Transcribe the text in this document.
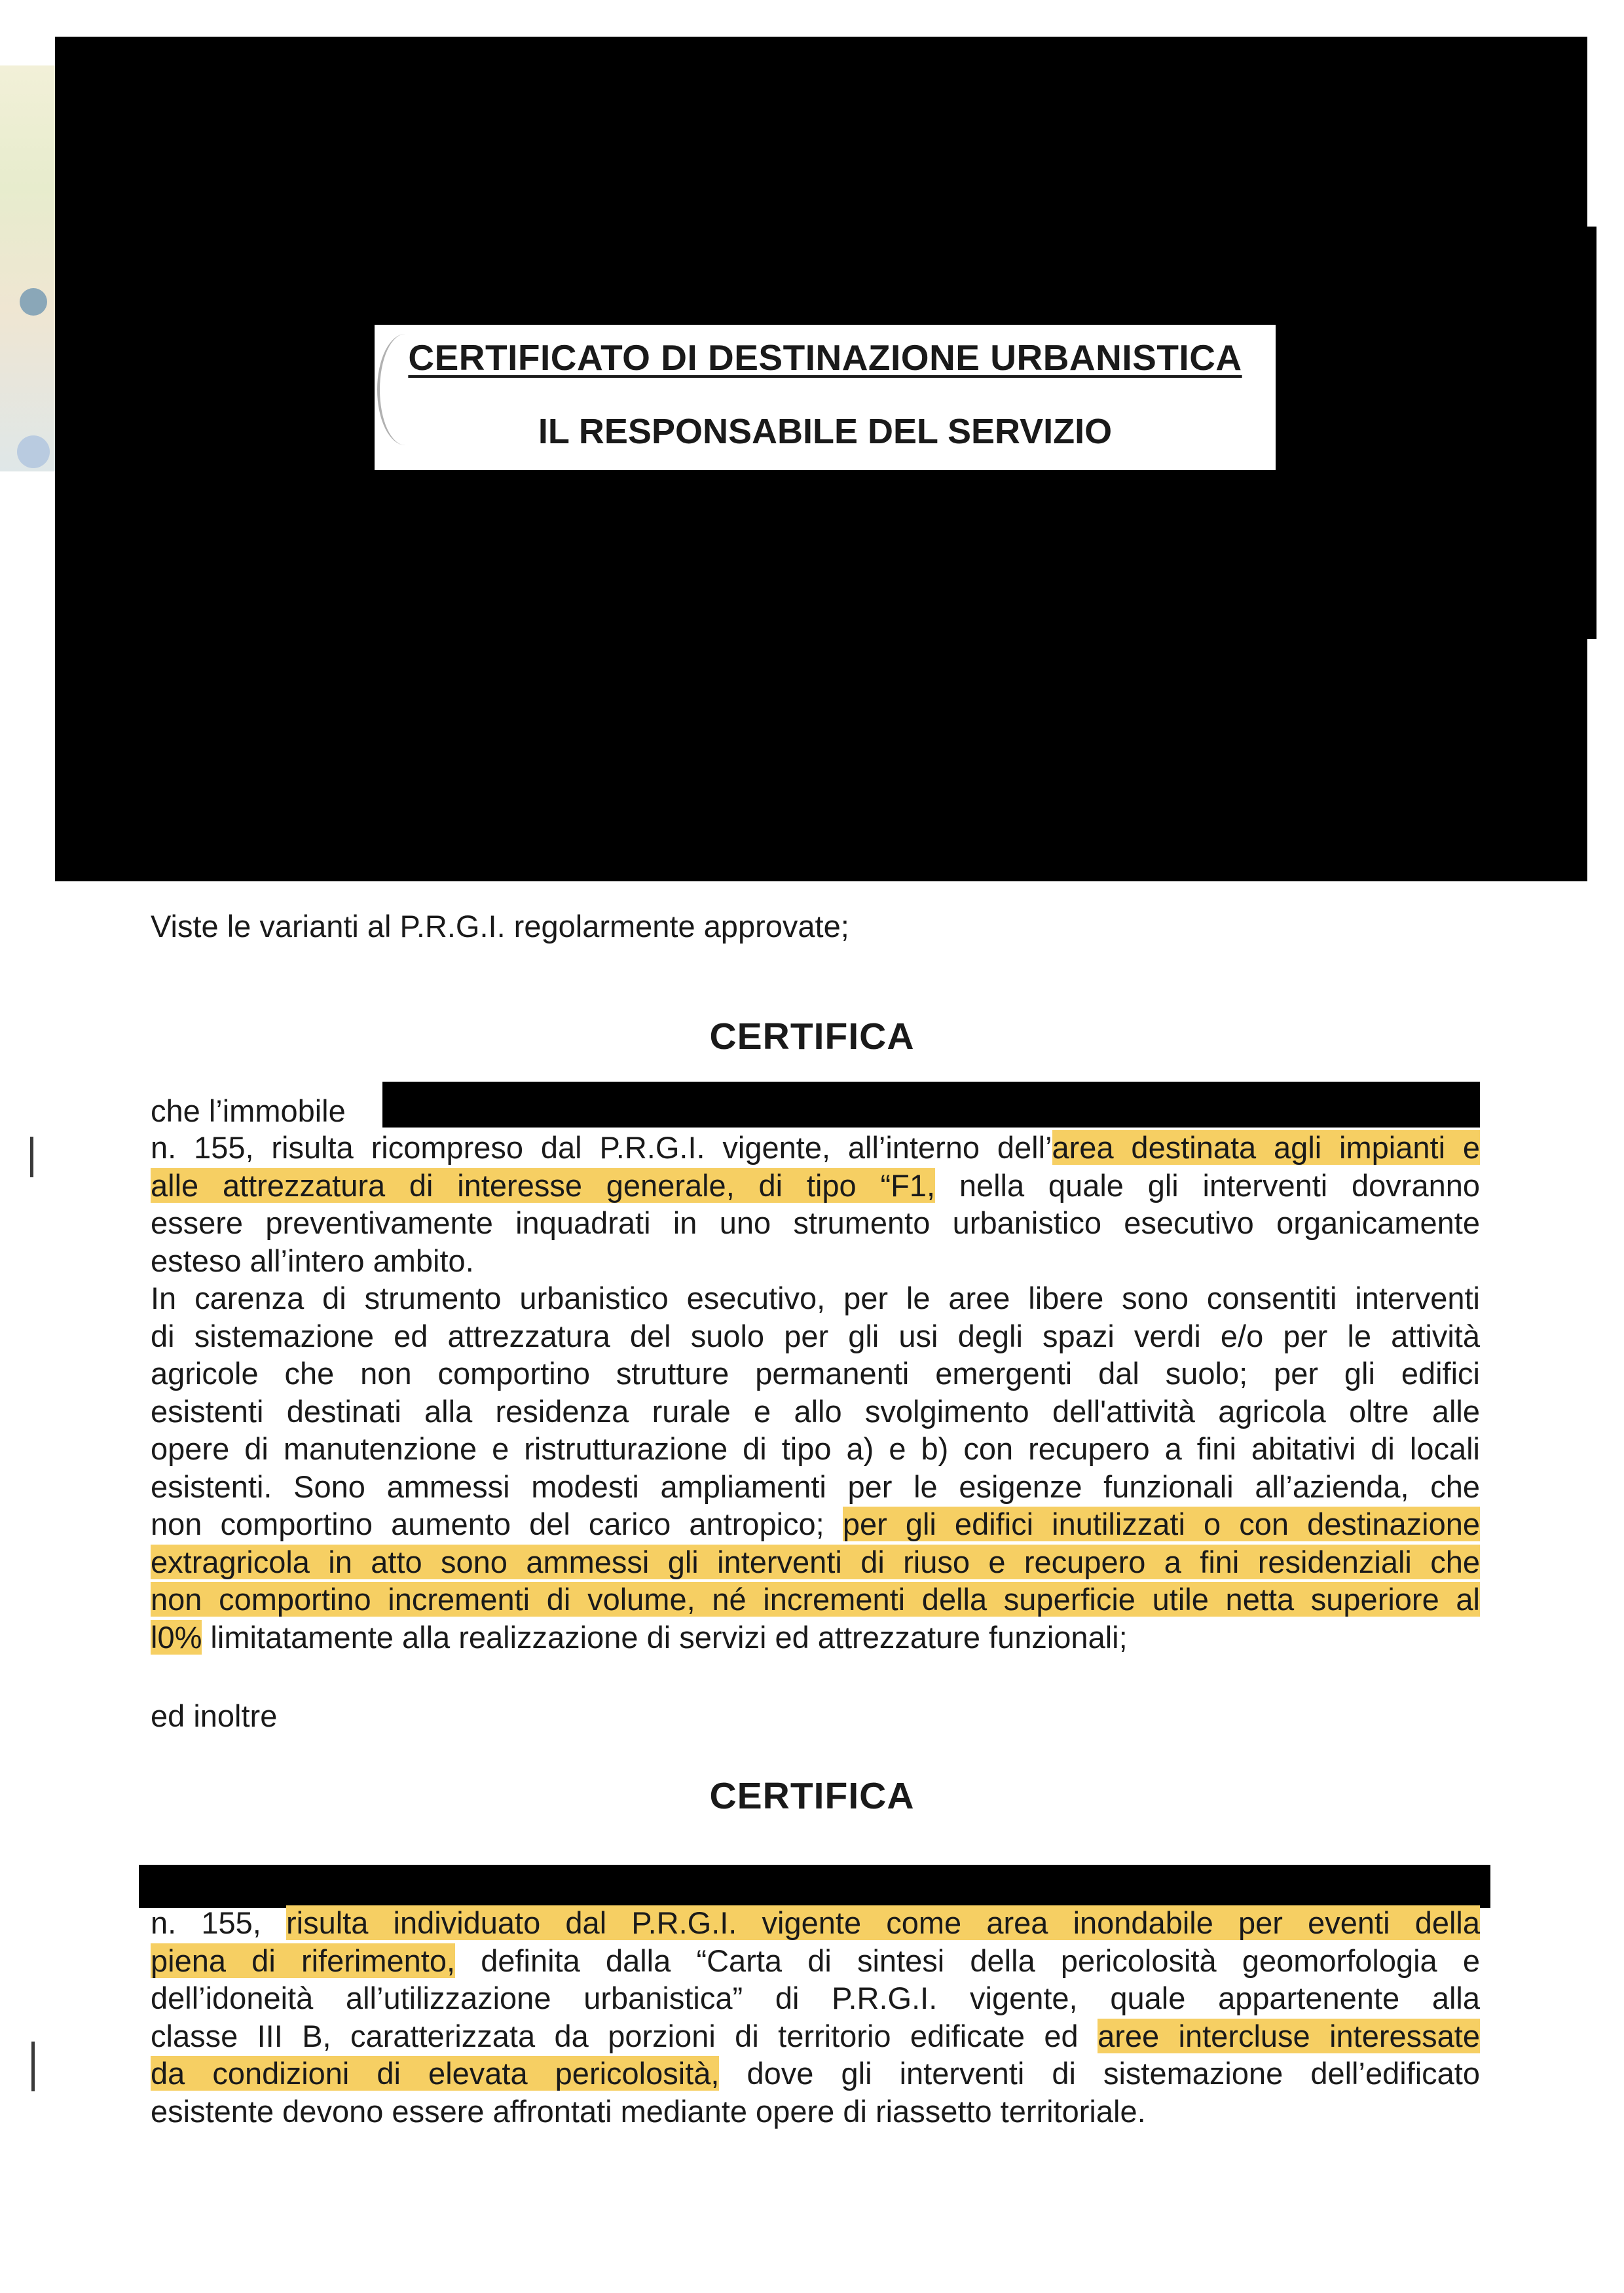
CERTIFICATO DI DESTINAZIONE URBANISTICA
IL RESPONSABILE DEL SERVIZIO
Viste le varianti al P.R.G.I. regolarmente approvate;
CERTIFICA
che l’immobile

n. 155, risulta ricompreso dal P.R.G.I. vigente, all’interno dell’area destinata agli impianti e

alle attrezzatura di interesse generale, di tipo “F1, nella quale gli interventi dovranno

essere preventivamente inquadrati in uno strumento urbanistico esecutivo organicamente

esteso all’intero ambito.

In carenza di strumento urbanistico esecutivo, per le aree libere sono consentiti interventi

di sistemazione ed attrezzatura del suolo per gli usi degli spazi verdi e/o per le attività

agricole che non comportino strutture permanenti emergenti dal suolo; per gli edifici

esistenti destinati alla residenza rurale e allo svolgimento dell'attività agricola oltre alle

opere di manutenzione e ristrutturazione di tipo a) e b) con recupero a fini abitativi di locali

esistenti. Sono ammessi modesti ampliamenti per le esigenze funzionali all’azienda, che

non comportino aumento del carico antropico; per gli edifici inutilizzati o con destinazione

extragricola in atto sono ammessi gli interventi di riuso e recupero a fini residenziali che

non comportino incrementi di volume, né incrementi della superficie utile netta superiore al

l0% limitatamente alla realizzazione di servizi ed attrezzature funzionali;

ed inoltre
CERTIFICA

n. 155, risulta individuato dal P.R.G.I. vigente come area inondabile per eventi della

piena di riferimento, definita dalla “Carta di sintesi della pericolosità geomorfologia e

dell’idoneità all’utilizzazione urbanistica” di P.R.G.I. vigente, quale appartenente alla

classe III B, caratterizzata da porzioni di territorio edificate ed aree intercluse interessate

da condizioni di elevata pericolosità, dove gli interventi di sistemazione dell’edificato

esistente devono essere affrontati mediante opere di riassetto territoriale.
